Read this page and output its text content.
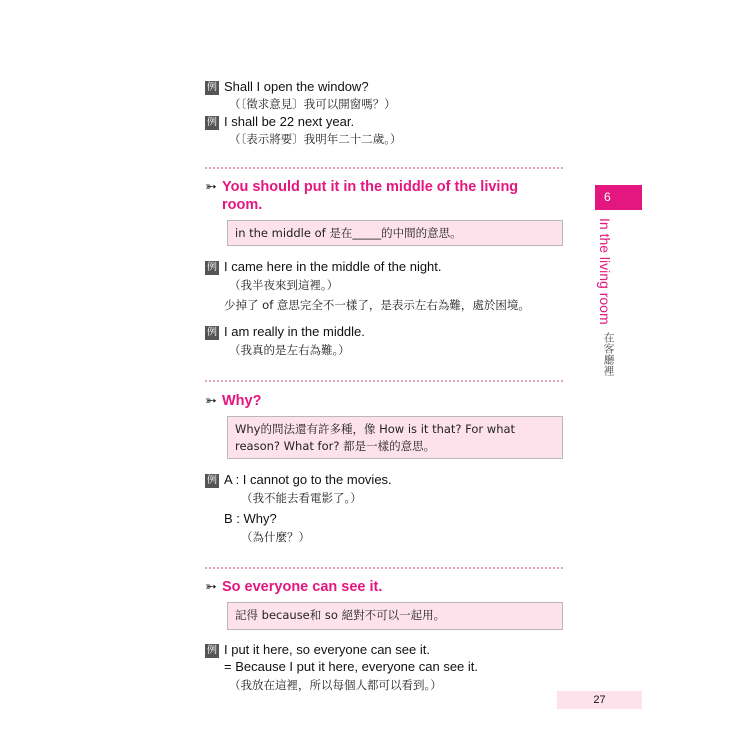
例 Shall I open the window?
（〔徵求意見〕我可以開窗嗎？）
例 I shall be 22 next year.
（〔表示將要〕我明年二十二歲。）
➳ You should put it in the middle of the living
room.
in the middle of 是在_____的中間的意思。
例 I came here in the middle of the night.
（我半夜來到這裡。）
少掉了 of 意思完全不一樣了，是表示左右為難，處於困境。
例 I am really in the middle.
（我真的是左右為難。）
➳ Why?
Why的問法還有許多種，像 How is it that? For what
reason? What for? 都是一樣的意思。
例 A : I cannot go to the movies.
（我不能去看電影了。）
B : Why?
（為什麼？）
➳ So everyone can see it.
記得 because和 so 絕對不可以一起用。
例 I put it here, so everyone can see it.
= Because I put it here, everyone can see it.
（我放在這裡，所以每個人都可以看到。）
6
In the living room
在客廳裡
27
